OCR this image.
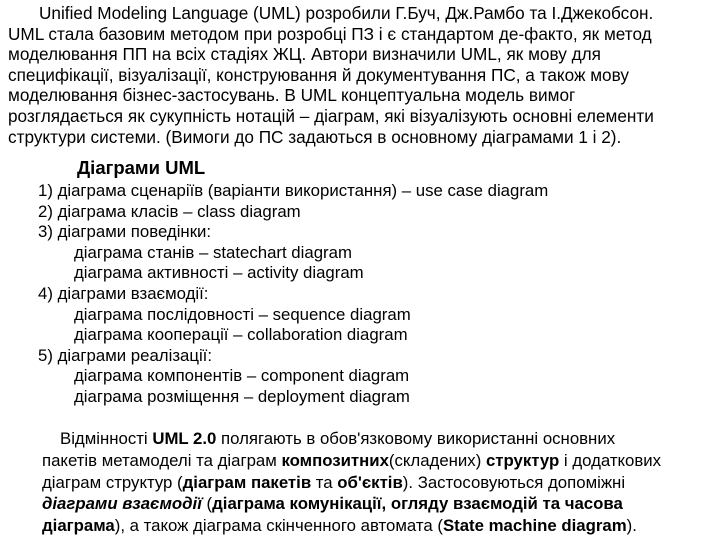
Unified Modeling Language (UML) розробили Г.Буч, Дж.Рамбо та І.Джекобсон.
UML стала базовим методом при розробці ПЗ і є стандартом де-факто, як метод
моделювання ПП на всіх стадіях ЖЦ. Автори визначили UML, як мову для
специфікації, візуалізації, конструювання й документування ПС, а також мову
моделювання бізнес-застосувань. В UML концептуальна модель вимог
розглядається як сукупність нотацій – діаграм, які візуалізують основні елементи
структури системи. (Вимоги до ПС задаються в основному діаграмами 1 і 2).
Діаграми UML
1) діаграма сценаріїв (варіанти використання) – use case diagram
2) діаграма класів – class diagram
3) діаграми поведінки:
діаграма станів – statechart diagram
діаграма активності – activity diagram
4) діаграми взаємодії:
діаграма послідовності – sequence diagram
діаграма кооперації – collaboration diagram
5) діаграми реалізації:
діаграма компонентів – component diagram
діаграма розміщення – deployment diagram
Відмінності UML 2.0 полягають в обов'язковому використанні основних
пакетів метамоделі та діаграм композитних(складених) структур і додаткових
діаграм структур (діаграм пакетів та об'єктів). Застосовуються допоміжні
діаграми взаємодії (діаграма комунікації, огляду взаємодій та часова
діаграма), а також діаграма скінченного автомата (State machine diagram).
